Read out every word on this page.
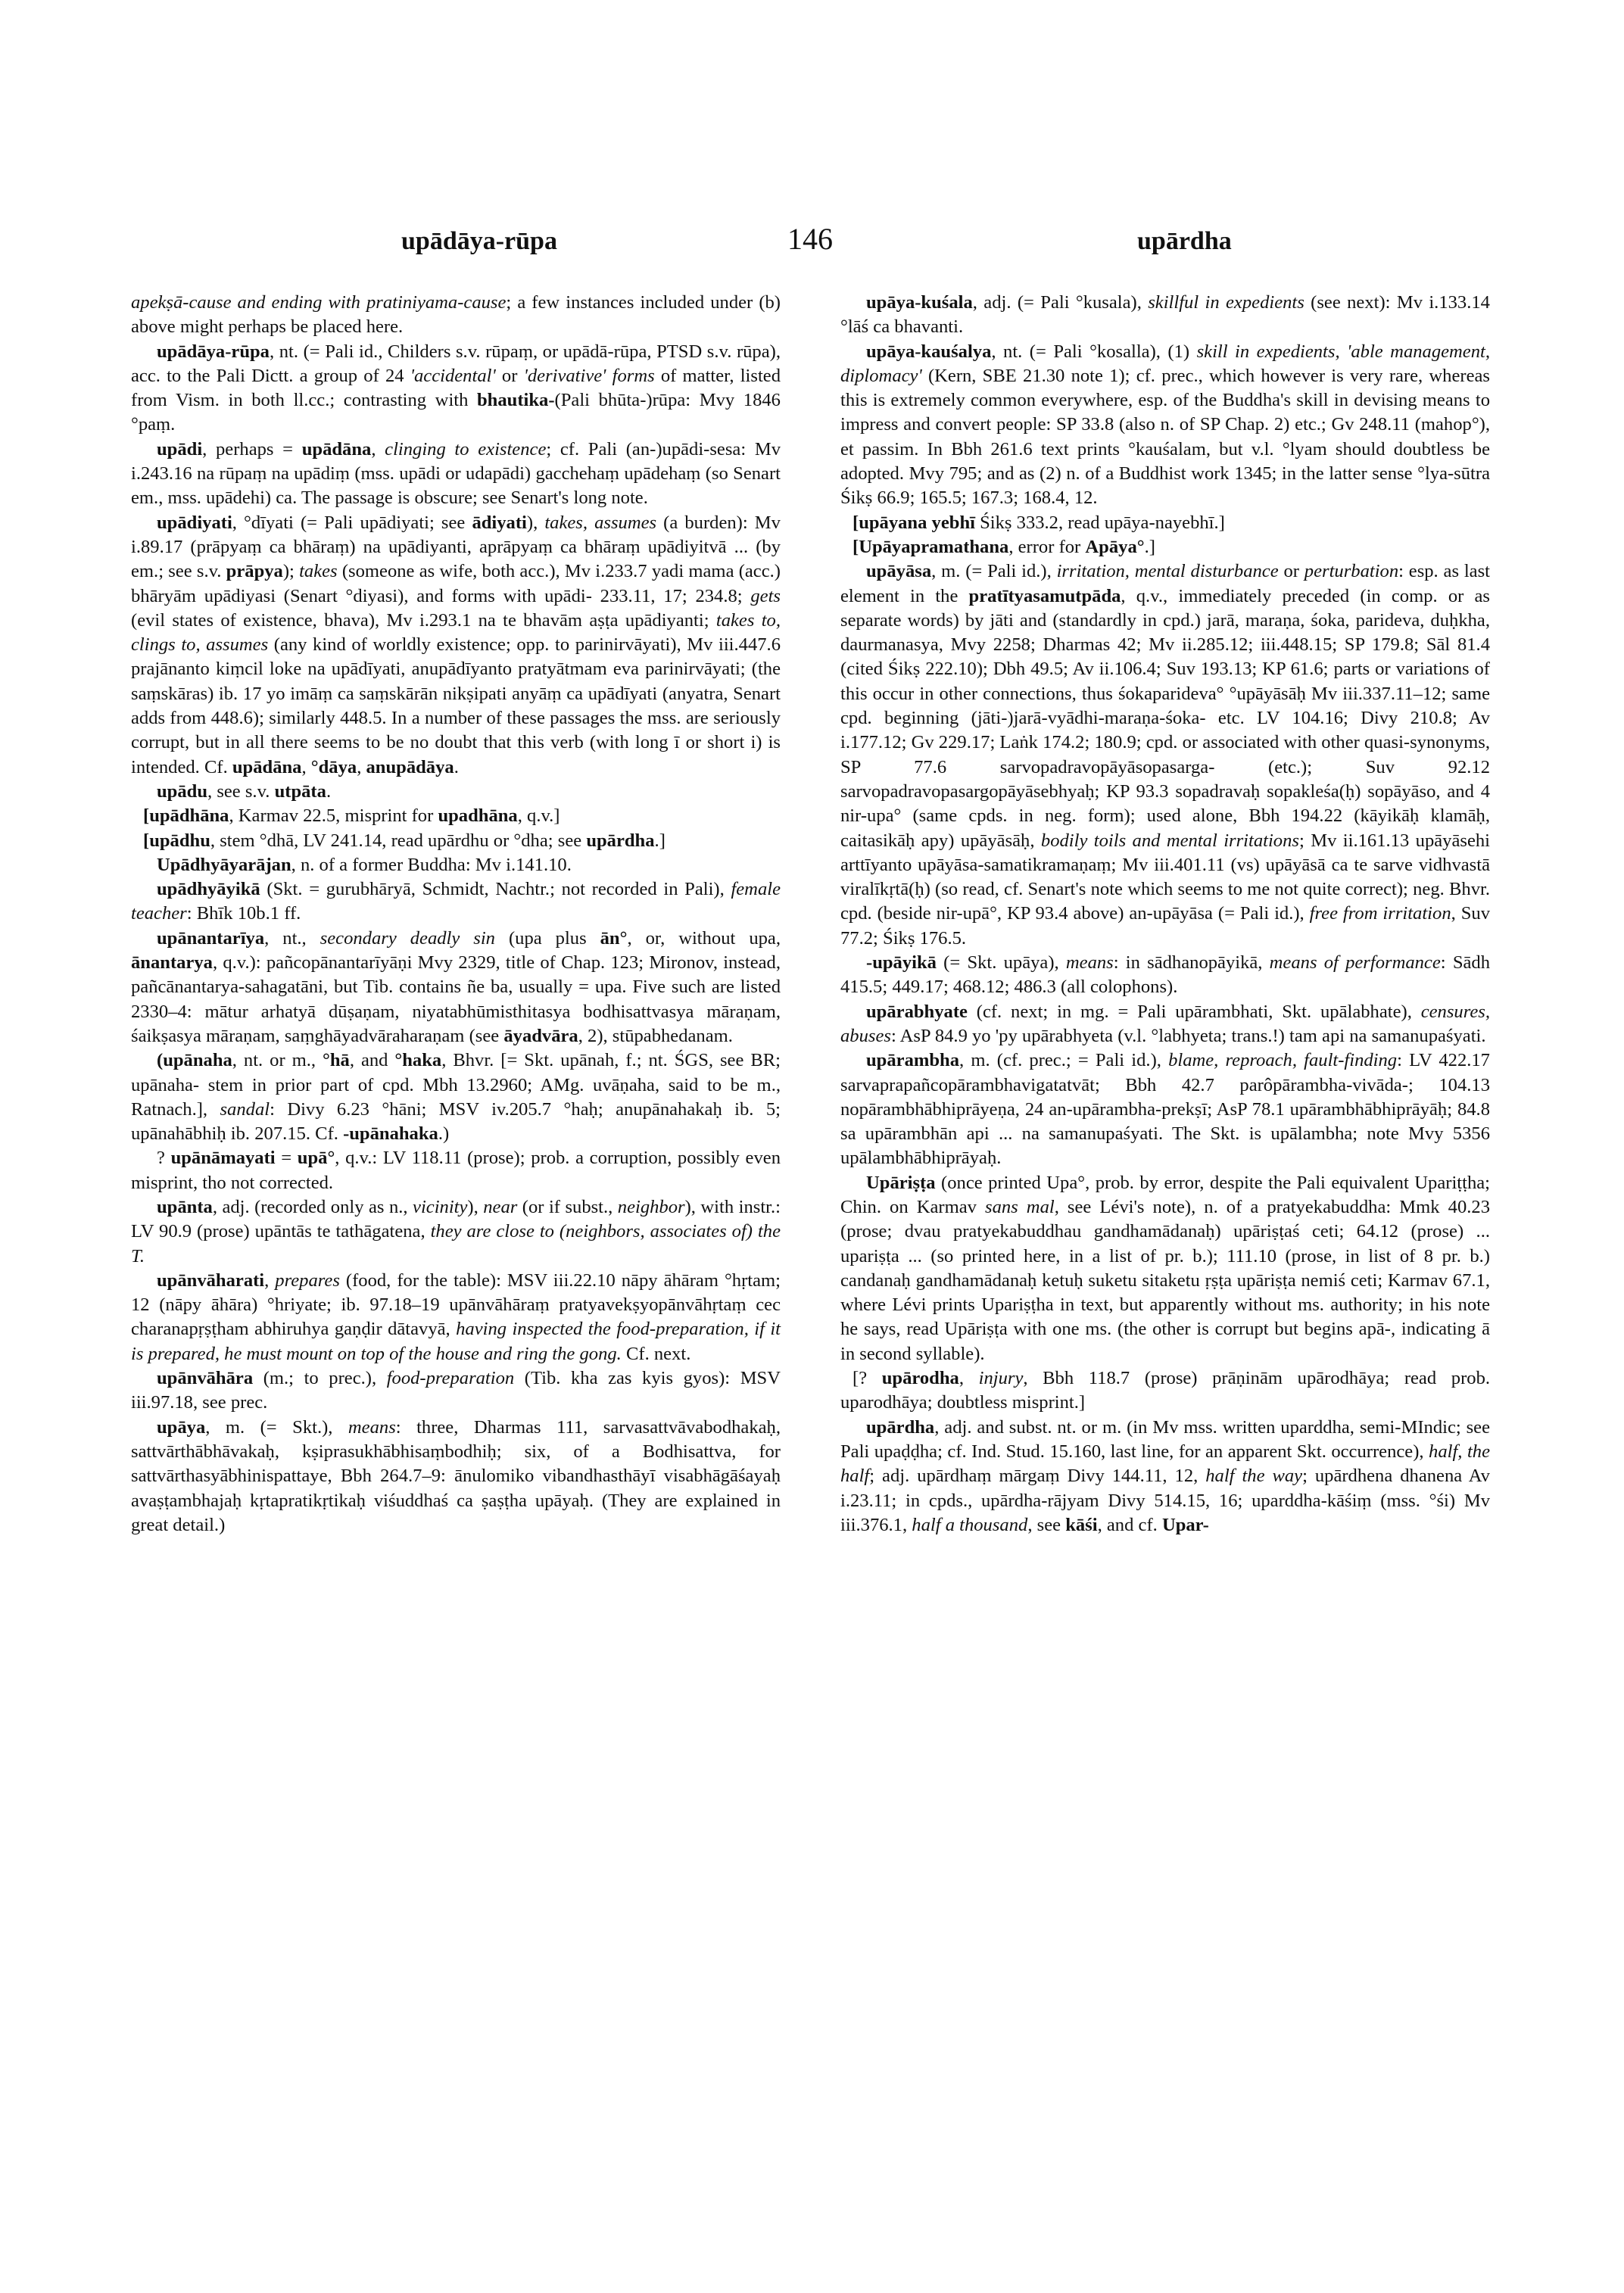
upādāya-rūpa	146	upārdha

apekṣā-cause and ending with pratiniyama-cause; a few instances included under (b) above might perhaps be placed here.

upādāya-rūpa, nt. (= Pali id., Childers s.v. rūpaṃ, or upādā-rūpa, PTSD s.v. rūpa), acc. to the Pali Dictt. a group of 24 'accidental' or 'derivative' forms of matter, listed from Vism. in both ll.cc.; contrasting with bhautika-(Pali bhūta-)rūpa: Mvy 1846 °paṃ.

upādi, perhaps = upādāna, clinging to existence; cf. Pali (an-)upādi-sesa: Mv i.243.16 na rūpaṃ na upādiṃ (mss. upādi or udapādi) gacchehaṃ upādehaṃ (so Senart em., mss. upādehi) ca. The passage is obscure; see Senart's long note.

upādiyati, °dīyati (= Pali upādiyati; see ādiyati), takes, assumes (a burden): Mv i.89.17 (prāpyaṃ ca bhāraṃ) na upādiyanti, aprāpyaṃ ca bhāraṃ upādiyitvā ... (by em.; see s.v. prāpya); takes (someone as wife, both acc.), Mv i.233.7 yadi mama (acc.) bhāryām upādiyasi (Senart °diyasi), and forms with upādi- 233.11, 17; 234.8; gets (evil states of existence, bhava), Mv i.293.1 na te bhavām aṣṭa upādiyanti; takes to, clings to, assumes (any kind of worldly existence; opp. to parinirvāyati), Mv iii.447.6 prajānanto kiṃcil loke na upādīyati, anupādīyanto pratyātmam eva parinirvāyati; (the saṃskāras) ib. 17 yo imāṃ ca saṃskārān nikṣipati anyāṃ ca upādīyati (anyatra, Senart adds from 448.6); similarly 448.5. In a number of these passages the mss. are seriously corrupt, but in all there seems to be no doubt that this verb (with long ī or short i) is intended. Cf. upādāna, °dāya, anupādāya.

upādu, see s.v. utpāta.

[upādhāna, Karmav 22.5, misprint for upadhāna, q.v.]

[upādhu, stem °dhā, LV 241.14, read upārdhu or °dha; see upārdha.]

Upādhyāyarājan, n. of a former Buddha: Mv i.141.10.

upādhyāyikā (Skt. = gurubhāryā, Schmidt, Nachtr.; not recorded in Pali), female teacher: Bhīk 10b.1 ff.

upānantarīya, nt., secondary deadly sin (upa plus ān°, or, without upa, ānantarya, q.v.): pañcopānantarīyāṇi Mvy 2329, title of Chap. 123; Mironov, instead, pañcānantarya-sahagatāni, but Tib. contains ñe ba, usually = upa. Five such are listed 2330–4: mātur arhatyā dūṣaṇam, niyatabhūmisthitasya bodhisattvasya māraṇam, śaikṣasya māraṇam, saṃghāyadvāraharaṇam (see āyadvāra, 2), stūpabhedanam.

(upānaha, nt. or m., °hā, and °haka, Bhvr. [= Skt. upānah, f.; nt. ŚGS, see BR; upānaha- stem in prior part of cpd. Mbh 13.2960; AMg. uvāṇaha, said to be m., Ratnach.], sandal: Divy 6.23 °hāni; MSV iv.205.7 °haḥ; anupānahakaḥ ib. 5; upānahābhiḥ ib. 207.15. Cf. -upānahaka.)

? upānāmayati = upā°, q.v.: LV 118.11 (prose); prob. a corruption, possibly even misprint, tho not corrected.

upānta, adj. (recorded only as n., vicinity), near (or if subst., neighbor), with instr.: LV 90.9 (prose) upāntās te tathāgatena, they are close to (neighbors, associates of) the T.

upānvāharati, prepares (food, for the table): MSV iii.22.10 nāpy āhāram °hṛtam; 12 (nāpy āhāra) °hriyate; ib. 97.18–19 upānvāhāraṃ pratyavekṣyopānvāhṛtaṃ cec charanapṛṣṭham abhiruhya gaṇḍir dātavyā, having inspected the food-preparation, if it is prepared, he must mount on top of the house and ring the gong. Cf. next.

upānvāhāra (m.; to prec.), food-preparation (Tib. kha zas kyis gyos): MSV iii.97.18, see prec.

upāya, m. (= Skt.), means: three, Dharmas 111, sarvasattvāvabodhakaḥ, sattvārthābhāvakaḥ, kṣiprasukhābhisaṃbodhiḥ; six, of a Bodhisattva, for sattvārthasyābhinispattaye, Bbh 264.7–9: ānulomiko vibandhasthāyī visabhāgāśayaḥ avaṣṭambhajaḥ kṛtapratikṛtikaḥ viśuddhaś ca ṣaṣṭha upāyaḥ. (They are explained in great detail.)

upāya-kuśala, adj. (= Pali °kusala), skillful in expedients (see next): Mv i.133.14 °lāś ca bhavanti.

upāya-kauśalya, nt. (= Pali °kosalla), (1) skill in expedients, 'able management, diplomacy' (Kern, SBE 21.30 note 1); cf. prec., which however is very rare, whereas this is extremely common everywhere, esp. of the Buddha's skill in devising means to impress and convert people: SP 33.8 (also n. of SP Chap. 2) etc.; Gv 248.11 (mahop°), et passim. In Bbh 261.6 text prints °kauśalam, but v.l. °lyam should doubtless be adopted. Mvy 795; and as (2) n. of a Buddhist work 1345; in the latter sense °lya-sūtra Śikṣ 66.9; 165.5; 167.3; 168.4, 12.

[upāyana yebhī Śikṣ 333.2, read upāya-nayebhī.]

[Upāyapramathana, error for Apāya°.]

upāyāsa, m. (= Pali id.), irritation, mental disturbance or perturbation: esp. as last element in the pratītyasamutpāda, q.v., immediately preceded (in comp. or as separate words) by jāti and (standardly in cpd.) jarā, maraṇa, śoka, parideva, duḥkha, daurmanasya, Mvy 2258; Dharmas 42; Mv ii.285.12; iii.448.15; SP 179.8; Sāl 81.4 (cited Śikṣ 222.10); Dbh 49.5; Av ii.106.4; Suv 193.13; KP 61.6; parts or variations of this occur in other connections, thus śokaparideva° °upāyāsāḥ Mv iii.337.11–12; same cpd. beginning (jāti-)jarā-vyādhi-maraṇa-śoka- etc. LV 104.16; Divy 210.8; Av i.177.12; Gv 229.17; Laṅk 174.2; 180.9; cpd. or associated with other quasi-synonyms, SP 77.6 sarvopadravopāyāsopasarga- (etc.); Suv 92.12 sarvopadravopasargopāyāsebhyaḥ; KP 93.3 sopadravaḥ sopakleśa(ḥ) sopāyāso, and 4 nir-upa° (same cpds. in neg. form); used alone, Bbh 194.22 (kāyikāḥ klamāḥ, caitasikāḥ apy) upāyāsāḥ, bodily toils and mental irritations; Mv ii.161.13 upāyāsehi arttīyanto upāyāsa-samatikramaṇaṃ; Mv iii.401.11 (vs) upāyāsā ca te sarve vidhvastā viralīkṛtā(ḥ) (so read, cf. Senart's note which seems to me not quite correct); neg. Bhvr. cpd. (beside nir-upā°, KP 93.4 above) an-upāyāsa (= Pali id.), free from irritation, Suv 77.2; Śikṣ 176.5.

-upāyikā (= Skt. upāya), means: in sādhanopāyikā, means of performance: Sādh 415.5; 449.17; 468.12; 486.3 (all colophons).

upārabhyate (cf. next; in mg. = Pali upārambhati, Skt. upālabhate), censures, abuses: AsP 84.9 yo 'py upārabhyeta (v.l. °labhyeta; trans.!) tam api na samanupaśyati.

upārambha, m. (cf. prec.; = Pali id.), blame, reproach, fault-finding: LV 422.17 sarvaprapañcopārambhavigatatvāt; Bbh 42.7 parôpārambha-vivāda-; 104.13 nopārambhābhiprāyeṇa, 24 an-upārambha-prekṣī; AsP 78.1 upārambhābhiprāyāḥ; 84.8 sa upārambhān api ... na samanupaśyati. The Skt. is upālambha; note Mvy 5356 upālambhābhiprāyaḥ.

Upāriṣṭa (once printed Upa°, prob. by error, despite the Pali equivalent Upariṭṭha; Chin. on Karmav sans mal, see Lévi's note), n. of a pratyekabuddha: Mmk 40.23 (prose; dvau pratyekabuddhau gandhamādanaḥ) upāriṣṭaś ceti; 64.12 (prose) ... upariṣṭa ... (so printed here, in a list of pr. b.); 111.10 (prose, in list of 8 pr. b.) candanaḥ gandhamādanaḥ ketuḥ suketu sitaketu ṛṣṭa upāriṣṭa nemiś ceti; Karmav 67.1, where Lévi prints Upariṣṭha in text, but apparently without ms. authority; in his note he says, read Upāriṣṭa with one ms. (the other is corrupt but begins apā-, indicating ā in second syllable).

[? upārodha, injury, Bbh 118.7 (prose) prāṇinām upārodhāya; read prob. uparodhāya; doubtless misprint.]

upārdha, adj. and subst. nt. or m. (in Mv mss. written uparddha, semi-MIndic; see Pali upaḍḍha; cf. Ind. Stud. 15.160, last line, for an apparent Skt. occurrence), half, the half; adj. upārdhaṃ mārgaṃ Divy 144.11, 12, half the way; upārdhena dhanena Av i.23.11; in cpds., upārdha-rājyam Divy 514.15, 16; uparddha-kāśiṃ (mss. °śi) Mv iii.376.1, half a thousand, see kāśi, and cf. Upar-
